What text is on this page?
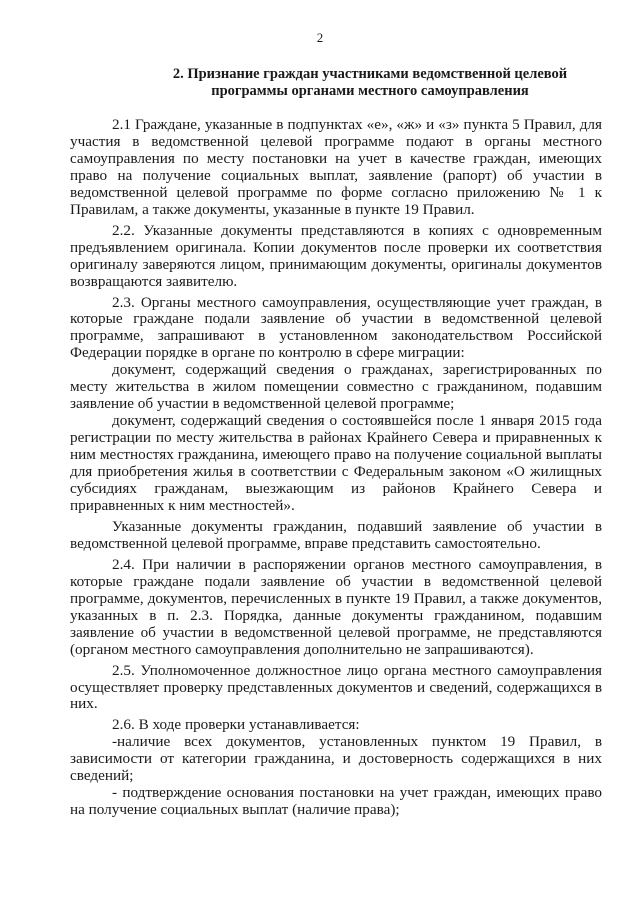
2
2. Признание граждан участниками ведомственной целевой программы органами местного самоуправления

2.1 Граждане, указанные в подпунктах «е», «ж» и «з» пункта 5 Правил, для участия в ведомственной целевой программе подают в органы местного самоуправления по месту постановки на учет в качестве граждан, имеющих право на получение социальных выплат, заявление (рапорт) об участии в ведомственной целевой программе по форме согласно приложению № 1 к Правилам, а также документы, указанные в пункте 19 Правил.

2.2. Указанные документы представляются в копиях с одновременным предъявлением оригинала. Копии документов после проверки их соответствия оригиналу заверяются лицом, принимающим документы, оригиналы документов возвращаются заявителю.

2.3. Органы местного самоуправления, осуществляющие учет граждан, в которые граждане подали заявление об участии в ведомственной целевой программе, запрашивают в установленном законодательством Российской Федерации порядке в органе по контролю в сфере миграции:

документ, содержащий сведения о гражданах, зарегистрированных по месту жительства в жилом помещении совместно с гражданином, подавшим заявление об участии в ведомственной целевой программе;

документ, содержащий сведения о состоявшейся после 1 января 2015 года регистрации по месту жительства в районах Крайнего Севера и приравненных к ним местностях гражданина, имеющего право на получение социальной выплаты для приобретения жилья в соответствии с Федеральным законом «О жилищных субсидиях гражданам, выезжающим из районов Крайнего Севера и приравненных к ним местностей».

Указанные документы гражданин, подавший заявление об участии в ведомственной целевой программе, вправе представить самостоятельно.

2.4. При наличии в распоряжении органов местного самоуправления, в которые граждане подали заявление об участии в ведомственной целевой программе, документов, перечисленных в пункте 19 Правил, а также документов, указанных в п. 2.3. Порядка, данные документы гражданином, подавшим заявление об участии в ведомственной целевой программе, не представляются (органом местного самоуправления дополнительно не запрашиваются).

2.5. Уполномоченное должностное лицо органа местного самоуправления осуществляет проверку представленных документов и сведений, содержащихся в них.

2.6. В ходе проверки устанавливается:

-наличие всех документов, установленных пунктом 19 Правил, в зависимости от категории гражданина, и достоверность содержащихся в них сведений;

- подтверждение основания постановки на учет граждан, имеющих право на получение социальных выплат (наличие права);
